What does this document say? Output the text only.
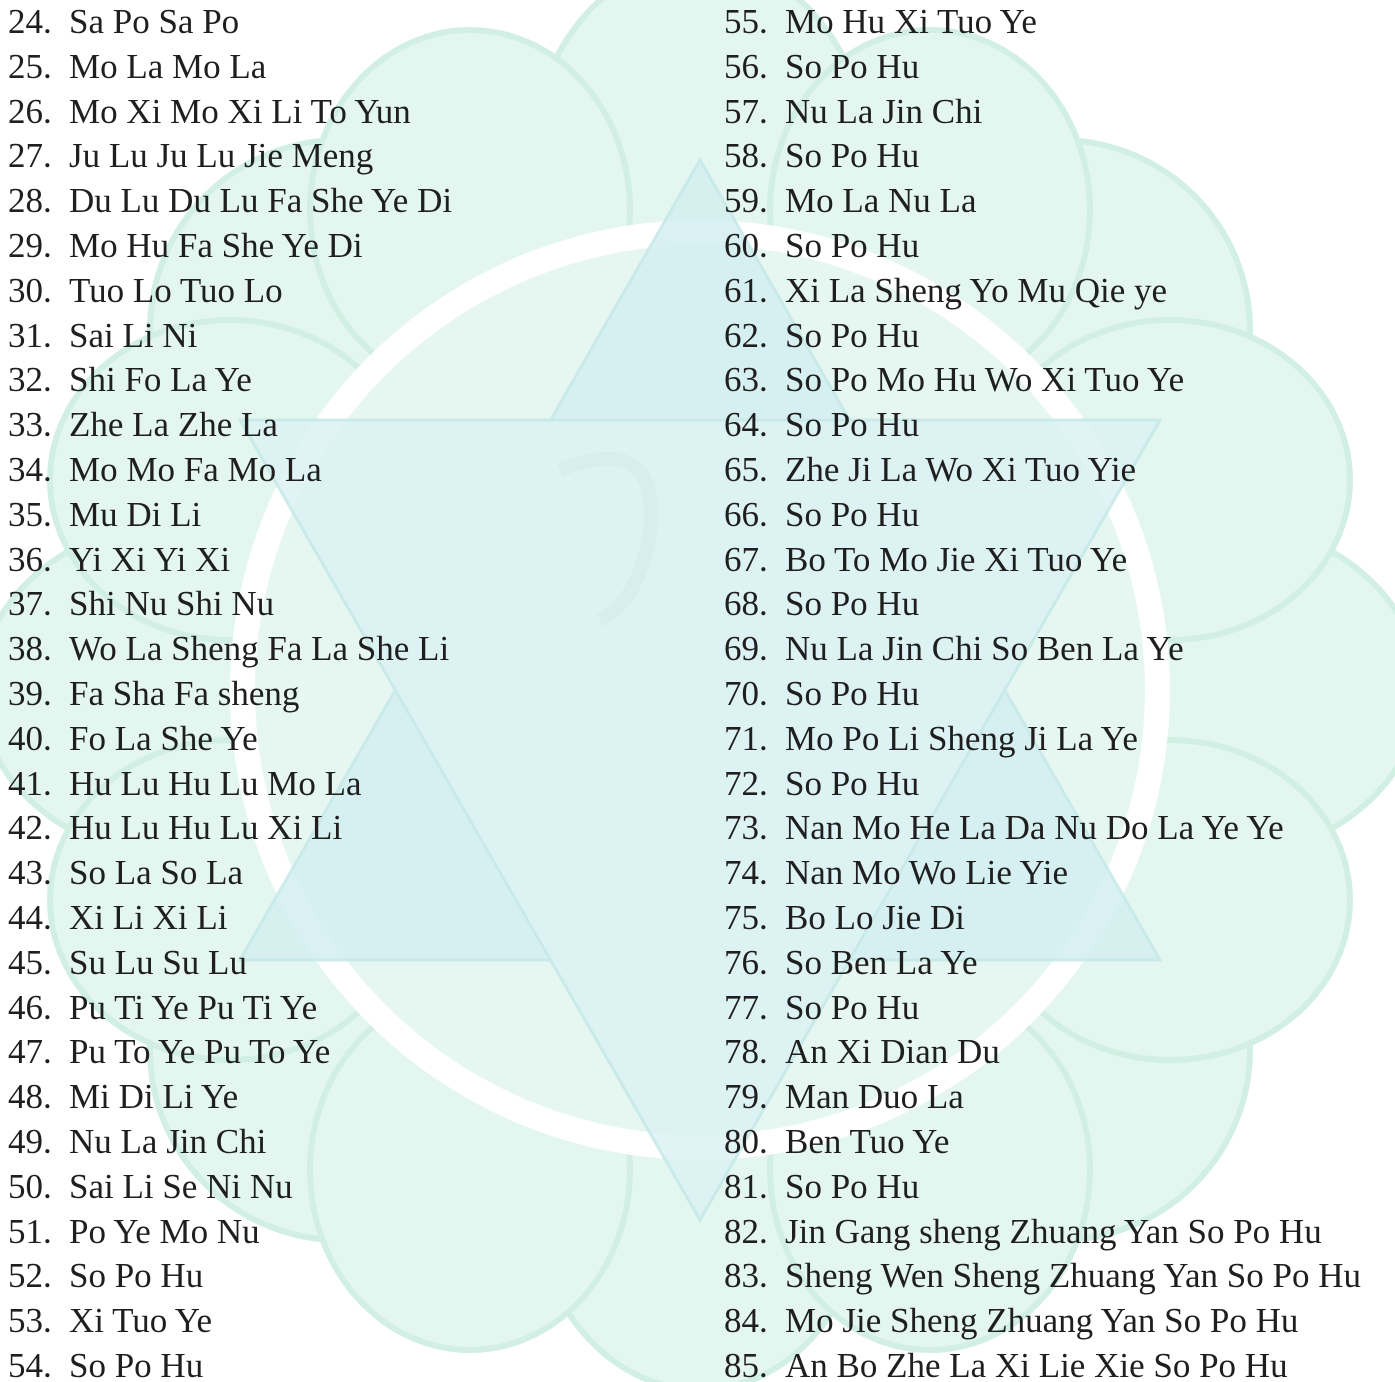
24. Sa Po Sa Po
25. Mo La Mo La
26. Mo Xi Mo Xi Li To Yun
27. Ju Lu Ju Lu Jie Meng
28. Du Lu Du Lu Fa She Ye Di
29. Mo Hu Fa She Ye Di
30. Tuo Lo Tuo Lo
31. Sai Li Ni
32. Shi Fo La Ye
33. Zhe La Zhe La
34. Mo Mo Fa Mo La
35. Mu Di Li
36. Yi Xi Yi Xi
37. Shi Nu Shi Nu
38. Wo La Sheng Fa La She Li
39. Fa Sha Fa sheng
40. Fo La She Ye
41. Hu Lu Hu Lu Mo La
42. Hu Lu Hu Lu Xi Li
43. So La So La
44. Xi Li Xi Li
45. Su Lu Su Lu
46. Pu Ti Ye Pu Ti Ye
47. Pu To Ye Pu To Ye
48. Mi Di Li Ye
49. Nu La Jin Chi
50. Sai Li Se Ni Nu
51. Po Ye Mo Nu
52. So Po Hu
53. Xi Tuo Ye
54. So Po Hu
55. Mo Hu Xi Tuo Ye
56. So Po Hu
57. Nu La Jin Chi
58. So Po Hu
59. Mo La Nu La
60. So Po Hu
61. Xi La Sheng Yo Mu Qie ye
62. So Po Hu
63. So Po Mo Hu Wo Xi Tuo Ye
64. So Po Hu
65. Zhe Ji La Wo Xi Tuo Yie
66. So Po Hu
67. Bo To Mo Jie Xi Tuo Ye
68. So Po Hu
69. Nu La Jin Chi So Ben La Ye
70. So Po Hu
71. Mo Po Li Sheng Ji La Ye
72. So Po Hu
73. Nan Mo He La Da Nu Do La Ye Ye
74. Nan Mo Wo Lie Yie
75. Bo Lo Jie Di
76. So Ben La Ye
77. So Po Hu
78. An Xi Dian Du
79. Man Duo La
80. Ben Tuo Ye
81. So Po Hu
82. Jin Gang sheng Zhuang Yan So Po Hu
83. Sheng Wen Sheng Zhuang Yan So Po Hu
84. Mo Jie Sheng Zhuang Yan So Po Hu
85. An Bo Zhe La Xi Lie Xie So Po Hu
